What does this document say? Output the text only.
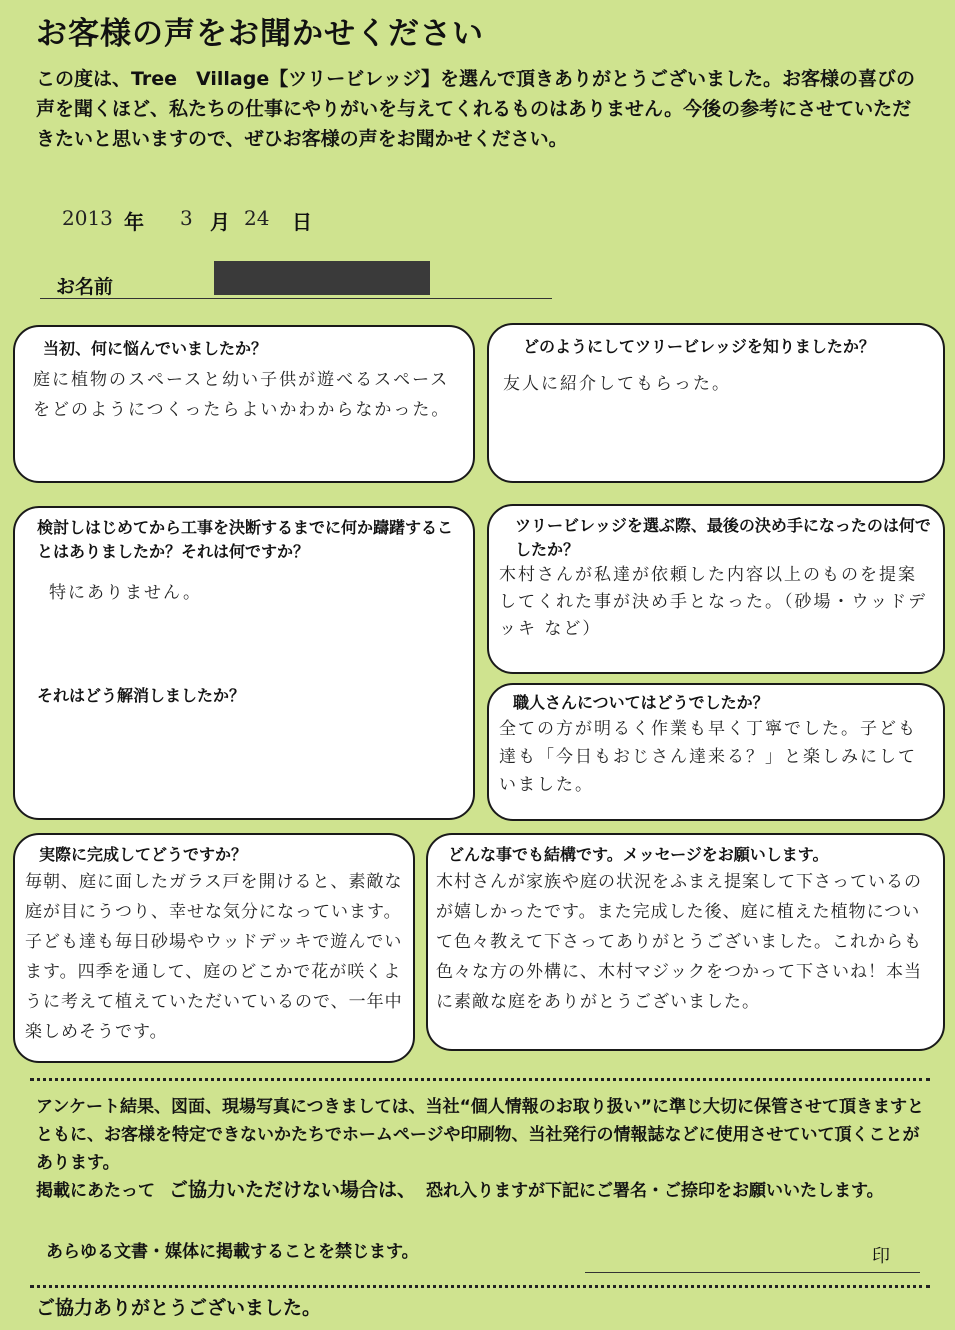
お客様の声をお聞かせください
この度は、Tree　Village【ツリービレッジ】を選んで頂きありがとうございました。お客様の喜びの声を聞くほど、私たちの仕事にやりがいを与えてくれるものはありません。今後の参考にさせていただきたいと思いますので、ぜひお客様の声をお聞かせください。
2013 年 3 月 24 日
お名前
当初、何に悩んでいましたか？
庭に植物のスペースと幼い子供が遊べるスペースをどのようにつくったらよいかわからなかった。
どのようにしてツリービレッジを知りましたか？
友人に紹介してもらった。
検討しはじめてから工事を決断するまでに何か躊躇することはありましたか？それは何ですか？
特にありません。
それはどう解消しましたか？
ツリービレッジを選ぶ際、最後の決め手になったのは何でしたか？
木村さんが私達が依頼した内容以上のものを提案してくれた事が決め手となった。（砂場・ウッドデッキ など）
職人さんについてはどうでしたか？
全ての方が明るく作業も早く丁寧でした。子ども達も「今日もおじさん達来る？」と楽しみにしていました。
実際に完成してどうですか？
毎朝、庭に面したガラス戸を開けると、素敵な庭が目にうつり、幸せな気分になっています。子ども達も毎日砂場やウッドデッキで遊んでいます。四季を通して、庭のどこかで花が咲くように考えて植えていただいているので、一年中楽しめそうです。
どんな事でも結構です。メッセージをお願いします。
木村さんが家族や庭の状況をふまえ提案して下さっているのが嬉しかったです。また完成した後、庭に植えた植物について色々教えて下さってありがとうございました。これからも色々な方の外構に、木村マジックをつかって下さいね！本当に素敵な庭をありがとうございました。
アンケート結果、図面、現場写真につきましては、当社“個人情報のお取り扱い”に準じ大切に保管させて頂きますとともに、お客様を特定できないかたちでホームページや印刷物、当社発行の情報誌などに使用させていて頂くことがあります。
掲載にあたって ご協力いただけない場合は、 恐れ入りますが下記にご署名・ご捺印をお願いいたします。
あらゆる文書・媒体に掲載することを禁じます。	印
ご協力ありがとうございました。
